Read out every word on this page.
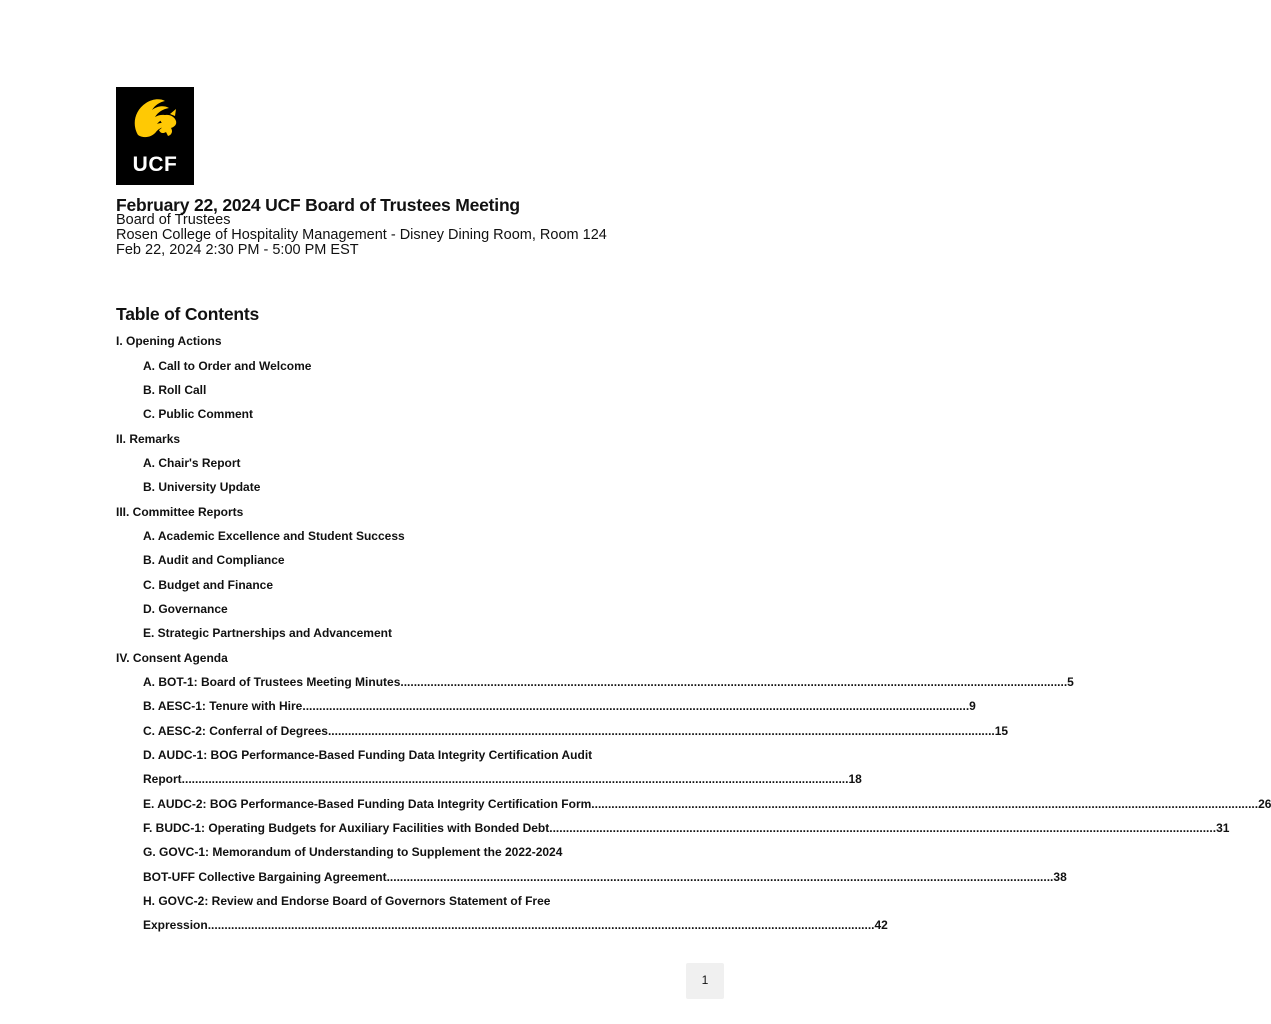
UCF
February 22, 2024 UCF Board of Trustees Meeting
Board of Trustees
Rosen College of Hospitality Management - Disney Dining Room, Room 124
Feb 22, 2024 2:30 PM - 5:00 PM EST
Table of Contents
I. Opening Actions
A. Call to Order and Welcome
B. Roll Call
C. Public Comment
II. Remarks
A. Chair's Report
B. University Update
III. Committee Reports
A. Academic Excellence and Student Success
B. Audit and Compliance
C. Budget and Finance
D. Governance
E. Strategic Partnerships and Advancement
IV. Consent Agenda
A. BOT-1: Board of Trustees Meeting Minutes ........................................................................................................................................................................................................ 5
B. AESC-1: Tenure with Hire ........................................................................................................................................................................................................ 9
C. AESC-2: Conferral of Degrees ........................................................................................................................................................................................................ 15
D. AUDC-1: BOG Performance-Based Funding Data Integrity Certification Audit
Report ........................................................................................................................................................................................................ 18
E. AUDC-2: BOG Performance-Based Funding Data Integrity Certification Form ........................................................................................................................................................................................................ 26
F. BUDC-1: Operating Budgets for Auxiliary Facilities with Bonded Debt ........................................................................................................................................................................................................ 31
G. GOVC-1: Memorandum of Understanding to Supplement the 2022-2024
BOT-UFF Collective Bargaining Agreement ........................................................................................................................................................................................................ 38
H. GOVC-2: Review and Endorse Board of Governors Statement of Free
Expression ........................................................................................................................................................................................................ 42
1
